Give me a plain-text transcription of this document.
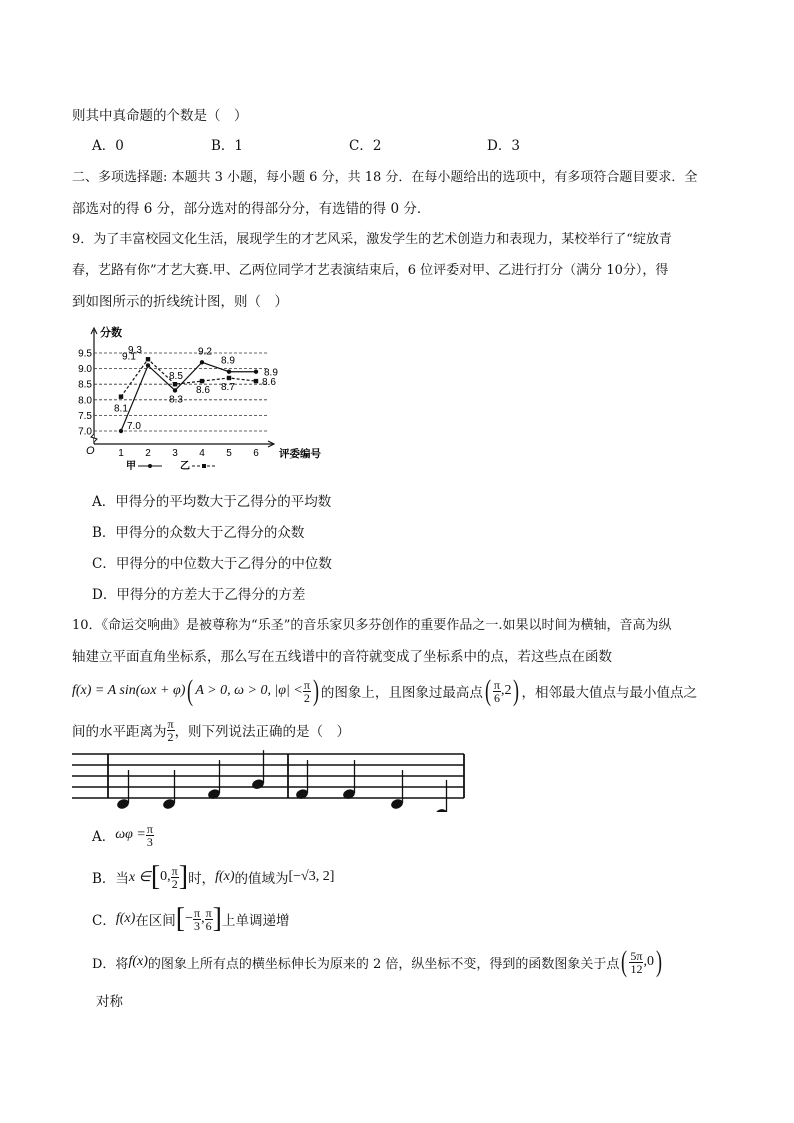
则其中真命题的个数是（　）
A．0	B．1	C．2	D．3
二、多项选择题: 本题共 3 小题，每小题 6 分，共 18 分．在每小题给出的选项中，有多项符合题目要求．全
部选对的得 6 分，部分选对的得部分分，有选错的得 0 分．
9．为了丰富校园文化生活，展现学生的才艺风采，激发学生的艺术创造力和表现力，某校举行了“绽放青
春，艺路有你”才艺大赛.甲、乙两位同学才艺表演结束后，6 位评委对甲、乙进行打分（满分 10分），得
到如图所示的折线统计图，则（　）
分数
O
9.5
9.0
8.5
8.0
7.5
7.0
1 2 3 4 5 6 评委编号
甲	乙
7.0
9.1
8.3
9.2
8.9
8.9
8.1
9.3
8.5
8.6 8.7	8.6
A．甲得分的平均数大于乙得分的平均数
B．甲得分的众数大于乙得分的众数
C．甲得分的中位数大于乙得分的中位数
D．甲得分的方差大于乙得分的方差
10．《命运交响曲》是被尊称为“乐圣”的音乐家贝多芬创作的重要作品之一.如果以时间为横轴，音高为纵
轴建立平面直角坐标系，那么写在五线谱中的音符就变成了坐标系中的点，若这些点在函数
f(x) = A sin(ωx + φ) ( A > 0, ω > 0, $|\varphi| < \frac{\pi}{2}$ ) 的图象上，且图象过最高点 ( $\frac{\pi}{6} ,2$ ) ，相邻最大值点与最小值点之
间的水平距离为 $\frac{\pi}{2}$ ，则下列说法正确的是（　）
A． $\omega\varphi = \frac{\pi}{3}$
B．当 x ∈ [ 0, $\frac{\pi}{2}$ ] 时， f(x) 的值域为 [−√3, 2]
C． f(x) 在区间 [ − $\frac{\pi}{3}$ , $\frac{\pi}{6}$ ] 上单调递增
D．将 f(x) 的图象上所有点的横坐标伸长为原来的 2 倍，纵坐标不变，得到的函数图象关于点 ( $\frac{5\pi}{12} ,0$ )
对称
